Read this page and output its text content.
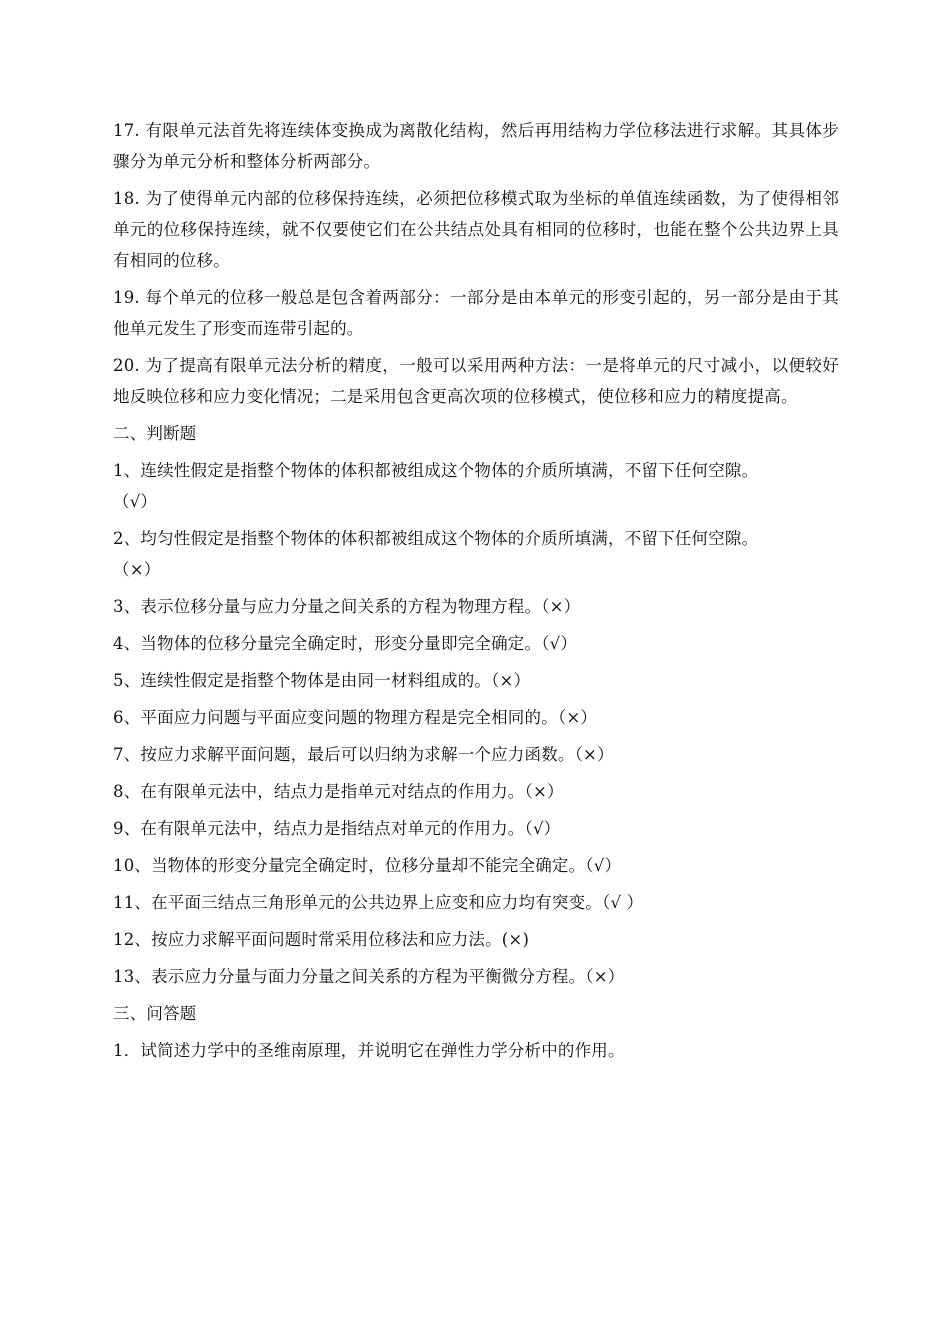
17. 有限单元法首先将连续体变换成为离散化结构，然后再用结构力学位移法进行求解。其具体步骤分为单元分析和整体分析两部分。

18. 为了使得单元内部的位移保持连续，必须把位移模式取为坐标的单值连续函数，为了使得相邻单元的位移保持连续，就不仅要使它们在公共结点处具有相同的位移时，也能在整个公共边界上具有相同的位移。

19. 每个单元的位移一般总是包含着两部分：一部分是由本单元的形变引起的，另一部分是由于其他单元发生了形变而连带引起的。

20. 为了提高有限单元法分析的精度，一般可以采用两种方法：一是将单元的尺寸减小，以便较好地反映位移和应力变化情况；二是采用包含更高次项的位移模式，使位移和应力的精度提高。

二、判断题

1、连续性假定是指整个物体的体积都被组成这个物体的介质所填满，不留下任何空隙。
（√）

2、均匀性假定是指整个物体的体积都被组成这个物体的介质所填满，不留下任何空隙。
（×）

3、表示位移分量与应力分量之间关系的方程为物理方程。（×）

4、当物体的位移分量完全确定时，形变分量即完全确定。（√）

5、连续性假定是指整个物体是由同一材料组成的。（×）

6、平面应力问题与平面应变问题的物理方程是完全相同的。（×）

7、按应力求解平面问题，最后可以归纳为求解一个应力函数。（×）

8、在有限单元法中，结点力是指单元对结点的作用力。（×）

9、在有限单元法中，结点力是指结点对单元的作用力。（√）

10、当物体的形变分量完全确定时，位移分量却不能完全确定。（√）

11、在平面三结点三角形单元的公共边界上应变和应力均有突变。（√ ）

12、按应力求解平面问题时常采用位移法和应力法。(×)

13、表示应力分量与面力分量之间关系的方程为平衡微分方程。（×）

三、问答题

1．试简述力学中的圣维南原理，并说明它在弹性力学分析中的作用。
